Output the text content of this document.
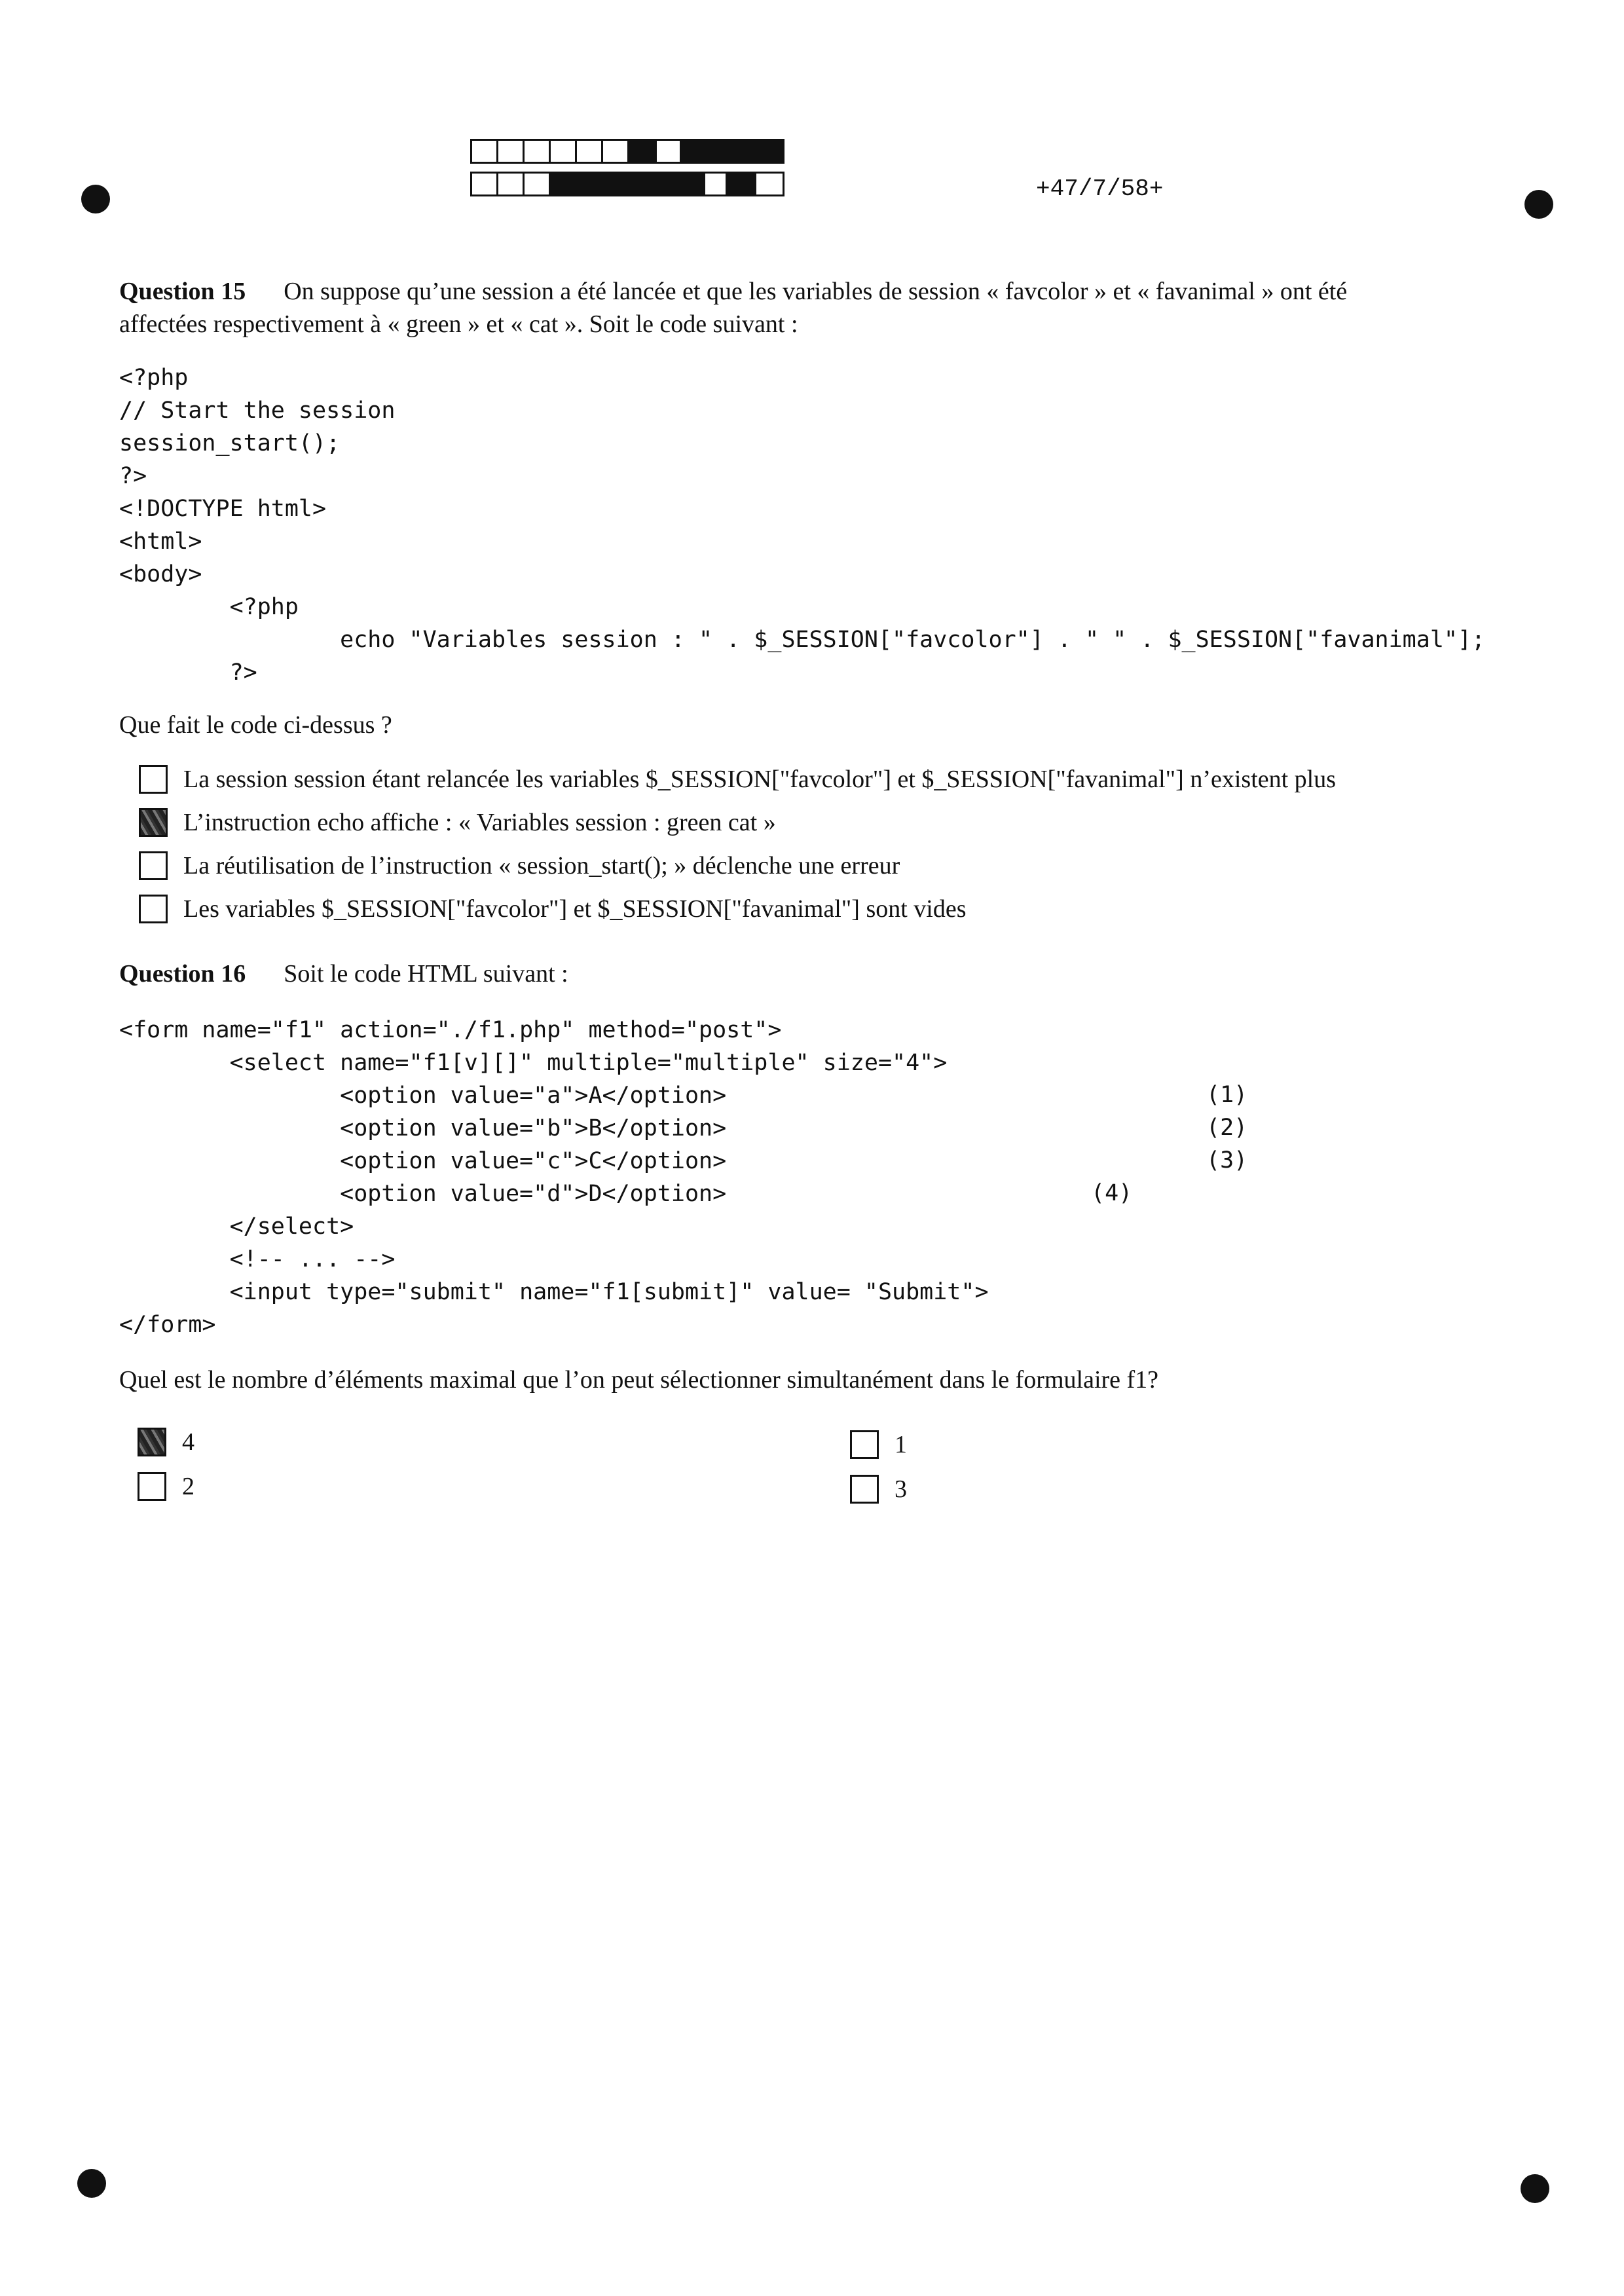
+47/7/58+
Question 15 On suppose qu’une session a été lancée et que les variables de session « favcolor » et « favanimal » ont été
affectées respectivement à « green » et « cat ». Soit le code suivant :
<?php
// Start the session
session_start();
?>
<!DOCTYPE html>
<html>
<body>
<?php
echo "Variables session : " . $_SESSION["favcolor"] . " " . $_SESSION["favanimal"];
?>
Que fait le code ci-dessus ?
La session session étant relancée les variables $_SESSION["favcolor"] et $_SESSION["favanimal"] n’existent plus
L’instruction echo affiche : « Variables session : green cat »
La réutilisation de l’instruction « session_start(); » déclenche une erreur
Les variables $_SESSION["favcolor"] et $_SESSION["favanimal"] sont vides
Question 16 Soit le code HTML suivant :
<form name="f1" action="./f1.php" method="post">
<select name="f1[v][]" multiple="multiple" size="4">
<option value="a">A</option>
<option value="b">B</option>
<option value="c">C</option>
<option value="d">D</option>
</select>
<!-- ... -->
<input type="submit" name="f1[submit]" value= "Submit">
</form>
(1)
(2)
(3)
(4)
Quel est le nombre d’éléments maximal que l’on peut sélectionner simultanément dans le formulaire f1?
4	1
2	3
